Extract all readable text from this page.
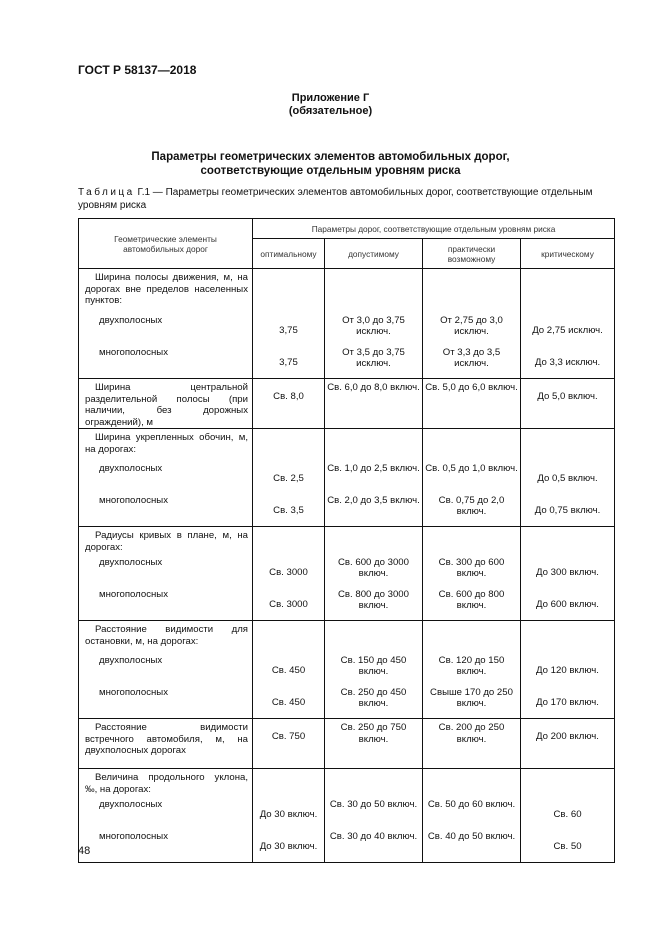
ГОСТ Р 58137—2018
Приложение Г
(обязательное)
Параметры геометрических элементов автомобильных дорог,
соответствующие отдельным уровням риска
Таблица Г.1 — Параметры геометрических элементов автомобильных дорог, соответствующие отдельным уровням риска
Геометрические элементы автомобильных дорог	Параметры дорог, соответствующие отдельным уровням риска			
	оптимальному	допустимому	практически возможному	критическому

Ширина полосы движения, м, на дорогах вне пределов населенных пунктов:				

двухполосных	3,75	От 3,0 до 3,75 исключ.	От 2,75 до 3,0 исключ.	До 2,75 исключ.

многополосных	3,75	От 3,5 до 3,75 исключ.	От 3,3 до 3,5 исключ.	До 3,3 исключ.

Ширина центральной разделительной полосы (при наличии, без дорожных ограждений), м	Св. 8,0	Св. 6,0 до 8,0 включ.	Св. 5,0 до 6,0 включ.	До 5,0 включ.

Ширина укрепленных обочин, м, на дорогах:				

двухполосных	Св. 2,5	Св. 1,0 до 2,5 включ.	Св. 0,5 до 1,0 включ.	До 0,5 включ.

многополосных	Св. 3,5	Св. 2,0 до 3,5 включ.	Св. 0,75 до 2,0 включ.	До 0,75 включ.

Радиусы кривых в плане, м, на дорогах:				

двухполосных	Св. 3000	Св. 600 до 3000 включ.	Св. 300 до 600 включ.	До 300 включ.

многополосных	Св. 3000	Св. 800 до 3000 включ.	Св. 600 до 800 включ.	До 600 включ.

Расстояние видимости для остановки, м, на дорогах:				

двухполосных	Св. 450	Св. 150 до 450 включ.	Св. 120 до 150 включ.	До 120 включ.

многополосных	Св. 450	Св. 250 до 450 включ.	Свыше 170 до 250 включ.	До 170 включ.

Расстояние видимости встречного автомобиля, м, на двухполосных дорогах	Св. 750	Св. 250 до 750 включ.	Св. 200 до 250 включ.	До 200 включ.

Величина продольного уклона, ‰, на дорогах:				

двухполосных	До 30 включ.	Св. 30 до 50 включ.	Св. 50 до 60 включ.	Св. 60

многополосных	До 30 включ.	Св. 30 до 40 включ.	Св. 40 до 50 включ.	Св. 50
48
